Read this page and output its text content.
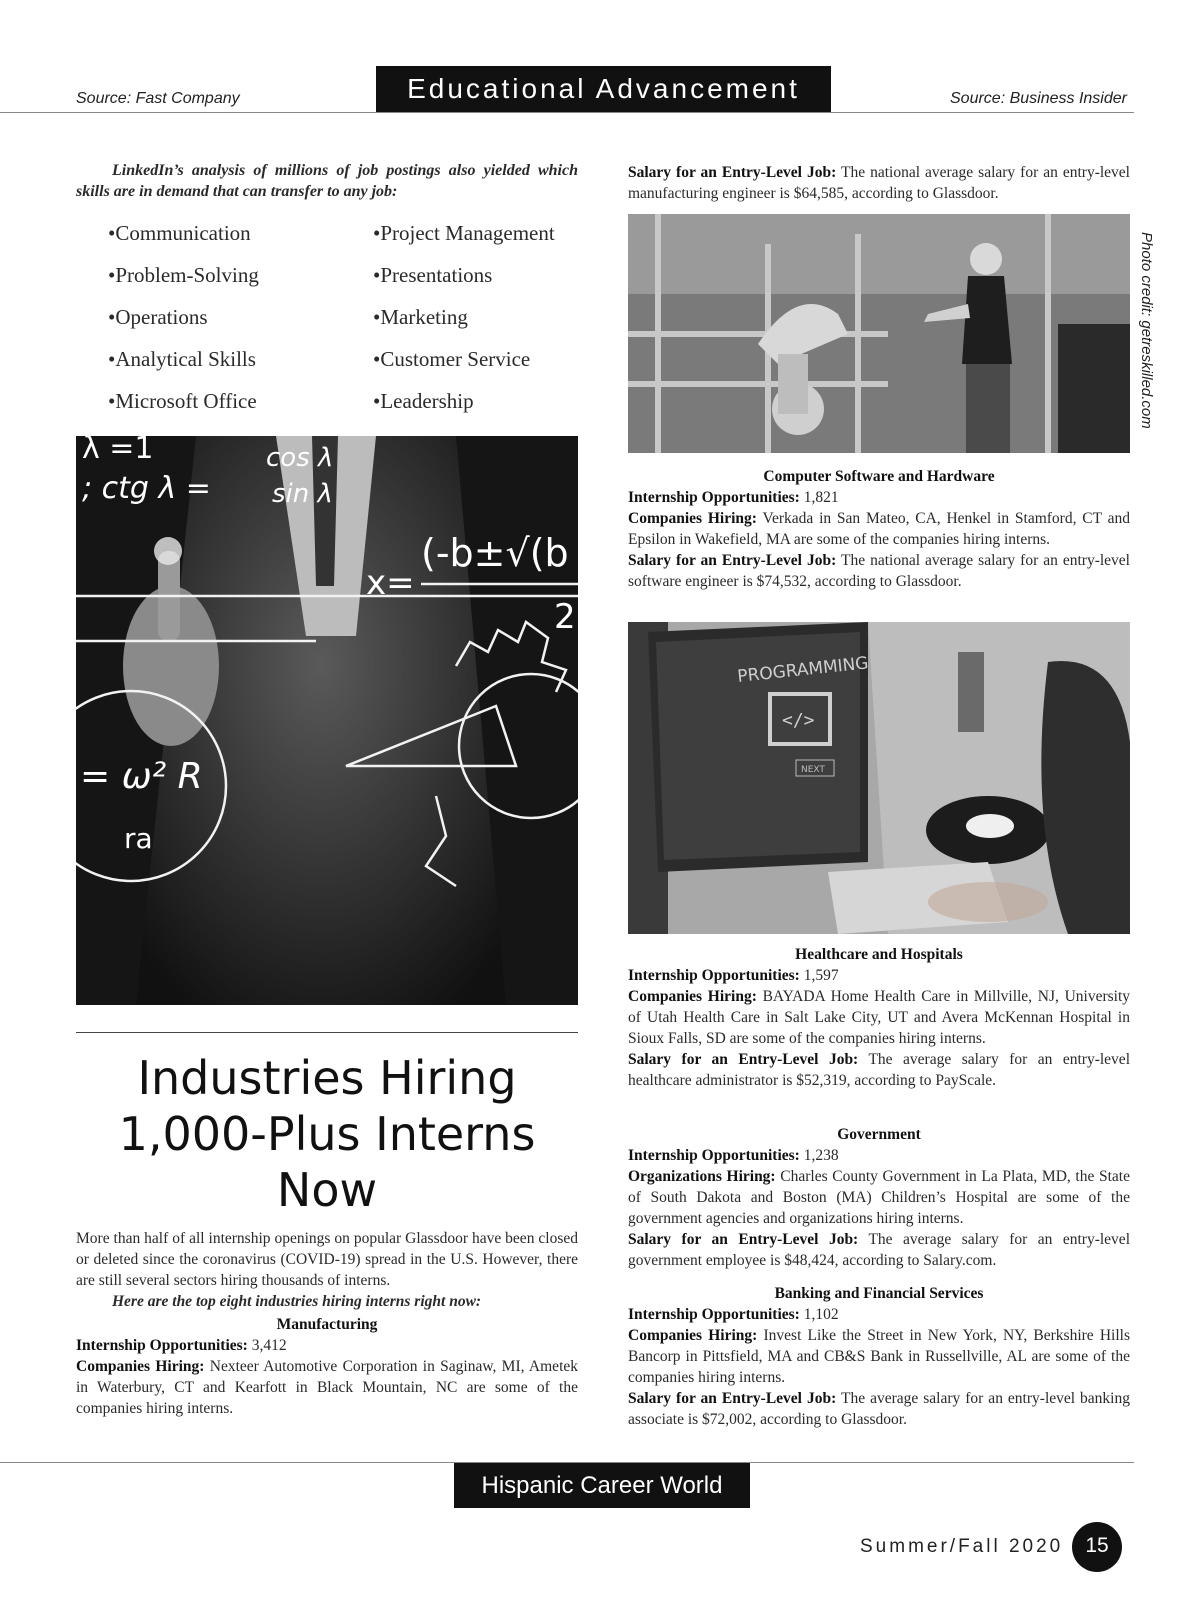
Source: Fast Company	Educational Advancement	Source: Business Insider
LinkedIn’s analysis of millions of job postings also yielded which skills are in demand that can transfer to any job:
•Communication
•Problem-Solving
•Operations
•Analytical Skills
•Microsoft Office
•Project Management
•Presentations
•Marketing
•Customer Service
•Leadership
λ =1
; ctg λ =
cos λ
sin λ
x=
(-b±√(b
2
= ω² R
ra
Industries Hiring
1,000-Plus Interns
Now
More than half of all internship openings on popular Glassdoor have been closed or deleted since the coronavirus (COVID-19) spread in the U.S. However, there are still several sectors hiring thousands of interns.
Here are the top eight industries hiring interns right now:
Manufacturing
Internship Opportunities: 3,412
Companies Hiring: Nexteer Automotive Corporation in Saginaw, MI, Ametek in Waterbury, CT and Kearfott in Black Mountain, NC are some of the companies hiring interns.
Salary for an Entry-Level Job: The national average salary for an entry-level manufacturing engineer is $64,585, according to Glassdoor.
Photo credit: getreskilled.com
Computer Software and Hardware
Internship Opportunities: 1,821
Companies Hiring: Verkada in San Mateo, CA, Henkel in Stamford, CT and Epsilon in Wakefield, MA are some of the companies hiring interns.
Salary for an Entry-Level Job: The national average salary for an entry-level software engineer is $74,532, according to Glassdoor.
PROGRAMMING
</>
NEXT
Healthcare and Hospitals
Internship Opportunities: 1,597
Companies Hiring: BAYADA Home Health Care in Millville, NJ, University of Utah Health Care in Salt Lake City, UT and Avera McKennan Hospital in Sioux Falls, SD are some of the companies hiring interns.
Salary for an Entry-Level Job: The average salary for an entry-level healthcare administrator is $52,319, according to PayScale.
Government
Internship Opportunities: 1,238
Organizations Hiring: Charles County Government in La Plata, MD, the State of South Dakota and Boston (MA) Children’s Hospital are some of the government agencies and organizations hiring interns.
Salary for an Entry-Level Job: The average salary for an entry-level government employee is $48,424, according to Salary.com.
Banking and Financial Services
Internship Opportunities: 1,102
Companies Hiring: Invest Like the Street in New York, NY, Berkshire Hills Bancorp in Pittsfield, MA and CB&S Bank in Russellville, AL are some of the companies hiring interns.
Salary for an Entry-Level Job: The average salary for an entry-level banking associate is $72,002, according to Glassdoor.
Hispanic Career World
Summer/Fall 2020	15
